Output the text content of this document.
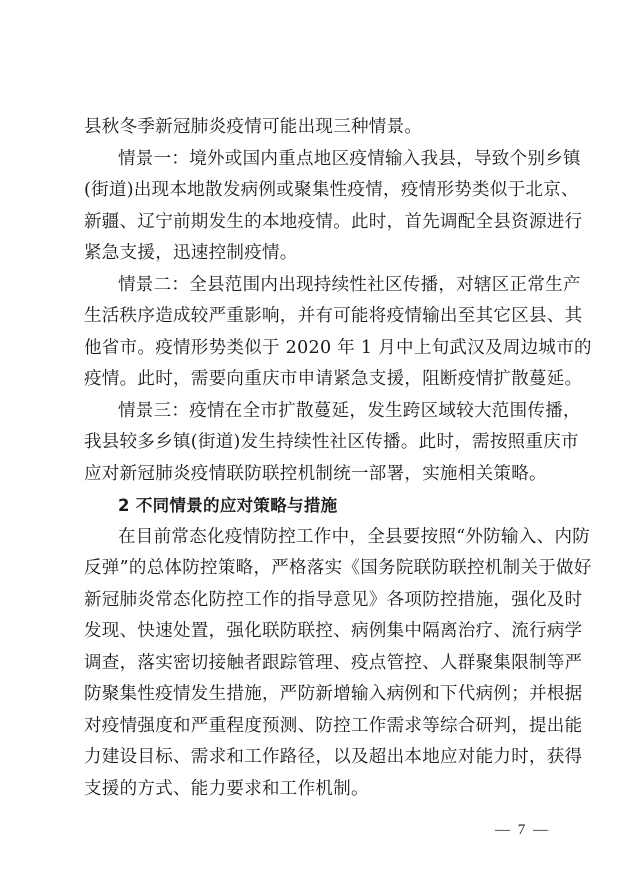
县秋冬季新冠肺炎疫情可能出现三种情景。
情景一：境外或国内重点地区疫情输入我县，导致个别乡镇
(街道)出现本地散发病例或聚集性疫情，疫情形势类似于北京、
新疆、辽宁前期发生的本地疫情。此时，首先调配全县资源进行
紧急支援，迅速控制疫情。
情景二：全县范围内出现持续性社区传播，对辖区正常生产
生活秩序造成较严重影响，并有可能将疫情输出至其它区县、其
他省市。疫情形势类似于 2020 年 1 月中上旬武汉及周边城市的
疫情。此时，需要向重庆市申请紧急支援，阻断疫情扩散蔓延。
情景三：疫情在全市扩散蔓延，发生跨区域较大范围传播，
我县较多乡镇(街道)发生持续性社区传播。此时，需按照重庆市
应对新冠肺炎疫情联防联控机制统一部署，实施相关策略。
2 不同情景的应对策略与措施
在目前常态化疫情防控工作中，全县要按照“外防输入、内防
反弹”的总体防控策略，严格落实《国务院联防联控机制关于做好
新冠肺炎常态化防控工作的指导意见》各项防控措施，强化及时
发现、快速处置，强化联防联控、病例集中隔离治疗、流行病学
调查，落实密切接触者跟踪管理、疫点管控、人群聚集限制等严
防聚集性疫情发生措施，严防新增输入病例和下代病例；并根据
对疫情强度和严重程度预测、防控工作需求等综合研判，提出能
力建设目标、需求和工作路径，以及超出本地应对能力时，获得
支援的方式、能力要求和工作机制。
— 7 —
